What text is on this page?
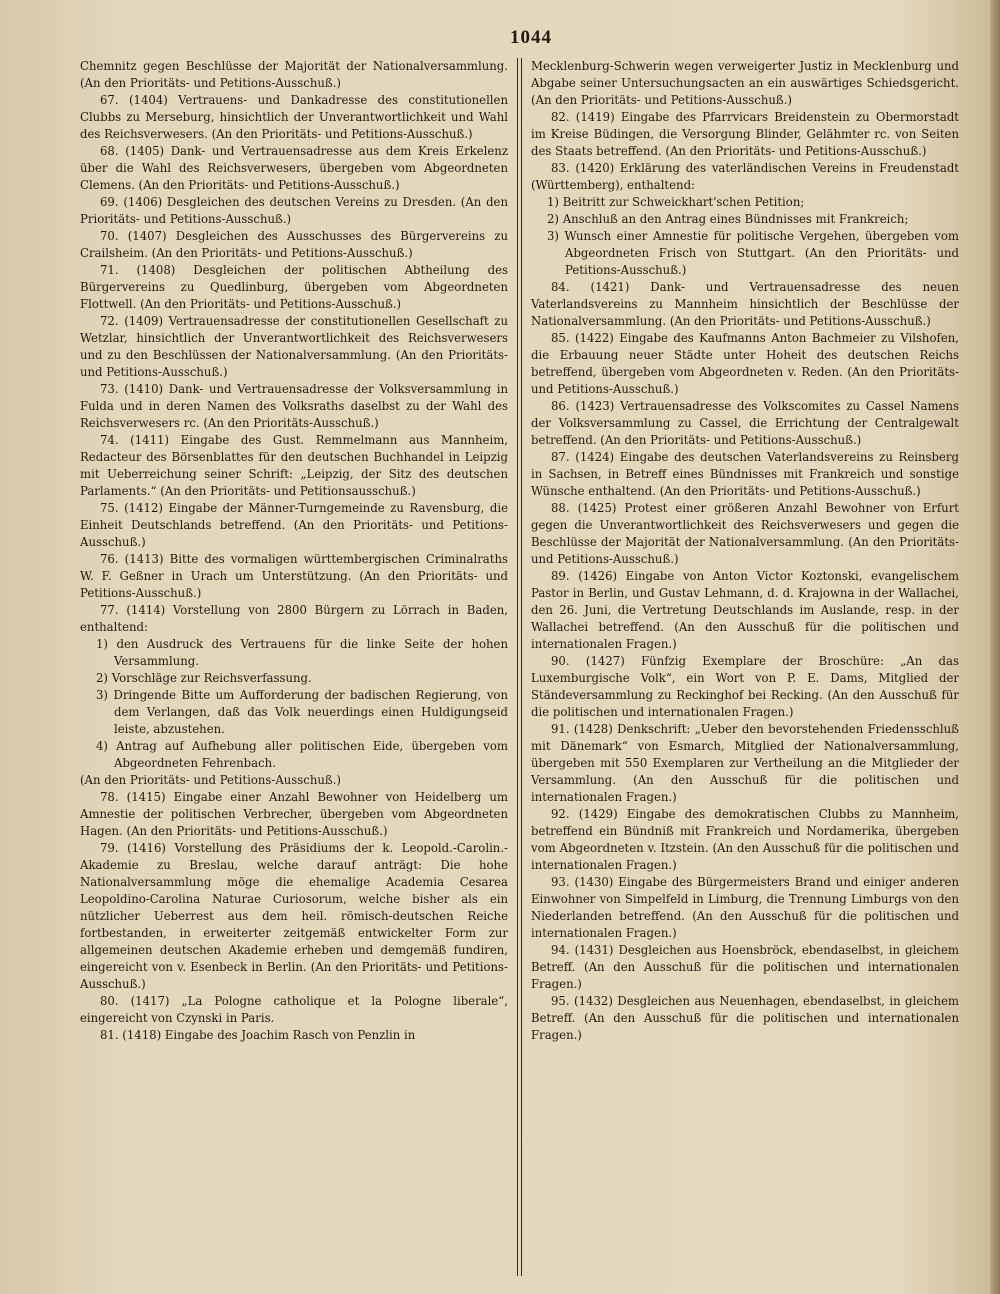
1044

Chemnitz gegen Beschlüsse der Majorität der Nationalversammlung. (An den Prioritäts- und Petitions-Ausschuß.)

67. (1404) Vertrauens- und Dankadresse des constitutionellen Clubbs zu Merseburg, hinsichtlich der Unverantwortlichkeit und Wahl des Reichsverwesers. (An den Prioritäts- und Petitions-Ausschuß.)

68. (1405) Dank- und Vertrauensadresse aus dem Kreis Erkelenz über die Wahl des Reichsverwesers, übergeben vom Abgeordneten Clemens. (An den Prioritäts- und Petitions-Ausschuß.)

69. (1406) Desgleichen des deutschen Vereins zu Dresden. (An den Prioritäts- und Petitions-Ausschuß.)

70. (1407) Desgleichen des Ausschusses des Bürgervereins zu Crailsheim. (An den Prioritäts- und Petitions-Ausschuß.)

71. (1408) Desgleichen der politischen Abtheilung des Bürgervereins zu Quedlinburg, übergeben vom Abgeordneten Flottwell. (An den Prioritäts- und Petitions-Ausschuß.)

72. (1409) Vertrauensadresse der constitutionellen Gesellschaft zu Wetzlar, hinsichtlich der Unverantwortlichkeit des Reichsverwesers und zu den Beschlüssen der Nationalversammlung. (An den Prioritäts- und Petitions-Ausschuß.)

73. (1410) Dank- und Vertrauensadresse der Volksversammlung in Fulda und in deren Namen des Volksraths daselbst zu der Wahl des Reichsverwesers rc. (An den Prioritäts-Ausschuß.)

74. (1411) Eingabe des Gust. Remmelmann aus Mannheim, Redacteur des Börsenblattes für den deutschen Buchhandel in Leipzig mit Ueberreichung seiner Schrift: „Leipzig, der Sitz des deutschen Parlaments.“ (An den Prioritäts- und Petitionsausschuß.)

75. (1412) Eingabe der Männer-Turngemeinde zu Ravensburg, die Einheit Deutschlands betreffend. (An den Prioritäts- und Petitions-Ausschuß.)

76. (1413) Bitte des vormaligen württembergischen Criminalraths W. F. Geßner in Urach um Unterstützung. (An den Prioritäts- und Petitions-Ausschuß.)

77. (1414) Vorstellung von 2800 Bürgern zu Lörrach in Baden, enthaltend:

1) den Ausdruck des Vertrauens für die linke Seite der hohen Versammlung.

2) Vorschläge zur Reichsverfassung.

3) Dringende Bitte um Aufforderung der badischen Regierung, von dem Verlangen, daß das Volk neuerdings einen Huldigungseid leiste, abzustehen.

4) Antrag auf Aufhebung aller politischen Eide, übergeben vom Abgeordneten Fehrenbach.

(An den Prioritäts- und Petitions-Ausschuß.)

78. (1415) Eingabe einer Anzahl Bewohner von Heidelberg um Amnestie der politischen Verbrecher, übergeben vom Abgeordneten Hagen. (An den Prioritäts- und Petitions-Ausschuß.)

79. (1416) Vorstellung des Präsidiums der k. Leopold.-Carolin.-Akademie zu Breslau, welche darauf anträgt: Die hohe Nationalversammlung möge die ehemalige Academia Cesarea Leopoldino-Carolina Naturae Curiosorum, welche bisher als ein nützlicher Ueberrest aus dem heil. römisch-deutschen Reiche fortbestanden, in erweiterter zeitgemäß entwickelter Form zur allgemeinen deutschen Akademie erheben und demgemäß fundiren, eingereicht von v. Esenbeck in Berlin. (An den Prioritäts- und Petitions-Ausschuß.)

80. (1417) „La Pologne catholique et la Pologne liberale“, eingereicht von Czynski in Paris.

81. (1418) Eingabe des Joachim Rasch von Penzlin in

Mecklenburg-Schwerin wegen verweigerter Justiz in Mecklenburg und Abgabe seiner Untersuchungsacten an ein auswärtiges Schiedsgericht. (An den Prioritäts- und Petitions-Ausschuß.)

82. (1419) Eingabe des Pfarrvicars Breidenstein zu Obermorstadt im Kreise Büdingen, die Versorgung Blinder, Gelähmter rc. von Seiten des Staats betreffend. (An den Prioritäts- und Petitions-Ausschuß.)

83. (1420) Erklärung des vaterländischen Vereins in Freudenstadt (Württemberg), enthaltend:

1) Beitritt zur Schweickhart'schen Petition;

2) Anschluß an den Antrag eines Bündnisses mit Frankreich;

3) Wunsch einer Amnestie für politische Vergehen, übergeben vom Abgeordneten Frisch von Stuttgart. (An den Prioritäts- und Petitions-Ausschuß.)

84. (1421) Dank- und Vertrauensadresse des neuen Vaterlandsvereins zu Mannheim hinsichtlich der Beschlüsse der Nationalversammlung. (An den Prioritäts- und Petitions-Ausschuß.)

85. (1422) Eingabe des Kaufmanns Anton Bachmeier zu Vilshofen, die Erbauung neuer Städte unter Hoheit des deutschen Reichs betreffend, übergeben vom Abgeordneten v. Reden. (An den Prioritäts- und Petitions-Ausschuß.)

86. (1423) Vertrauensadresse des Volkscomites zu Cassel Namens der Volksversammlung zu Cassel, die Errichtung der Centralgewalt betreffend. (An den Prioritäts- und Petitions-Ausschuß.)

87. (1424) Eingabe des deutschen Vaterlandsvereins zu Reinsberg in Sachsen, in Betreff eines Bündnisses mit Frankreich und sonstige Wünsche enthaltend. (An den Prioritäts- und Petitions-Ausschuß.)

88. (1425) Protest einer größeren Anzahl Bewohner von Erfurt gegen die Unverantwortlichkeit des Reichsverwesers und gegen die Beschlüsse der Majorität der Nationalversammlung. (An den Prioritäts- und Petitions-Ausschuß.)

89. (1426) Eingabe von Anton Victor Koztonski, evangelischem Pastor in Berlin, und Gustav Lehmann, d. d. Krajowna in der Wallachei, den 26. Juni, die Vertretung Deutschlands im Auslande, resp. in der Wallachei betreffend. (An den Ausschuß für die politischen und internationalen Fragen.)

90. (1427) Fünfzig Exemplare der Broschüre: „An das Luxemburgische Volk“, ein Wort von P. E. Dams, Mitglied der Ständeversammlung zu Reckinghof bei Recking. (An den Ausschuß für die politischen und internationalen Fragen.)

91. (1428) Denkschrift: „Ueber den bevorstehenden Friedensschluß mit Dänemark“ von Esmarch, Mitglied der Nationalversammlung, übergeben mit 550 Exemplaren zur Vertheilung an die Mitglieder der Versammlung. (An den Ausschuß für die politischen und internationalen Fragen.)

92. (1429) Eingabe des demokratischen Clubbs zu Mannheim, betreffend ein Bündniß mit Frankreich und Nordamerika, übergeben vom Abgeordneten v. Itzstein. (An den Ausschuß für die politischen und internationalen Fragen.)

93. (1430) Eingabe des Bürgermeisters Brand und einiger anderen Einwohner von Simpelfeld in Limburg, die Trennung Limburgs von den Niederlanden betreffend. (An den Ausschuß für die politischen und internationalen Fragen.)

94. (1431) Desgleichen aus Hoensbröck, ebendaselbst, in gleichem Betreff. (An den Ausschuß für die politischen und internationalen Fragen.)

95. (1432) Desgleichen aus Neuenhagen, ebendaselbst, in gleichem Betreff. (An den Ausschuß für die politischen und internationalen Fragen.)
